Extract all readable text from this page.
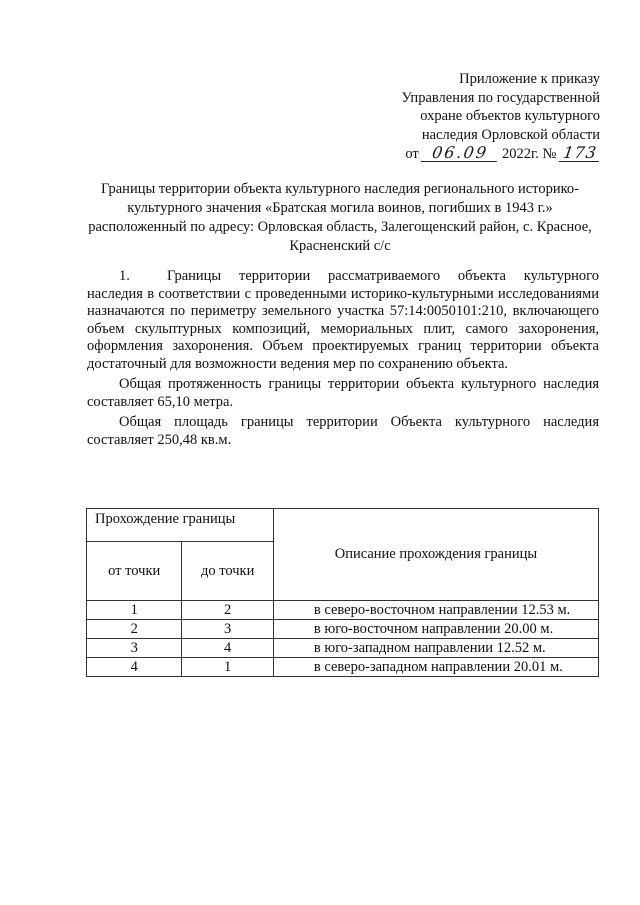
Приложение к приказу
Управления по государственной
охране объектов культурного
наследия Орловской области
от 06.09 2022г. № 173
Границы территории объекта культурного наследия регионального историко-
культурного значения «Братская могила воинов, погибших в 1943 г.»
расположенный по адресу: Орловская область, Залегощенский район, с. Красное,
Красненский с/с

1.	Границы территории рассматриваемого объекта культурного наследия в соответствии с проведенными историко-культурными исследованиями назначаются по периметру земельного участка 57:14:0050101:210, включающего объем скульптурных композиций, мемориальных плит, самого захоронения, оформления захоронения. Объем проектируемых границ территории объекта достаточный для возможности ведения мер по сохранению объекта.

Общая протяженность границы территории объекта культурного наследия составляет 65,10 метра.

Общая площадь границы территории Объекта культурного наследия составляет 250,48 кв.м.

Прохождение границы		Описание прохождения границы
от точки	до точки	
1	2	в северо-восточном направлении 12.53 м.
2	3	в юго-восточном направлении 20.00 м.
3	4	в юго-западном направлении 12.52 м.
4	1	в северо-западном направлении 20.01 м.
